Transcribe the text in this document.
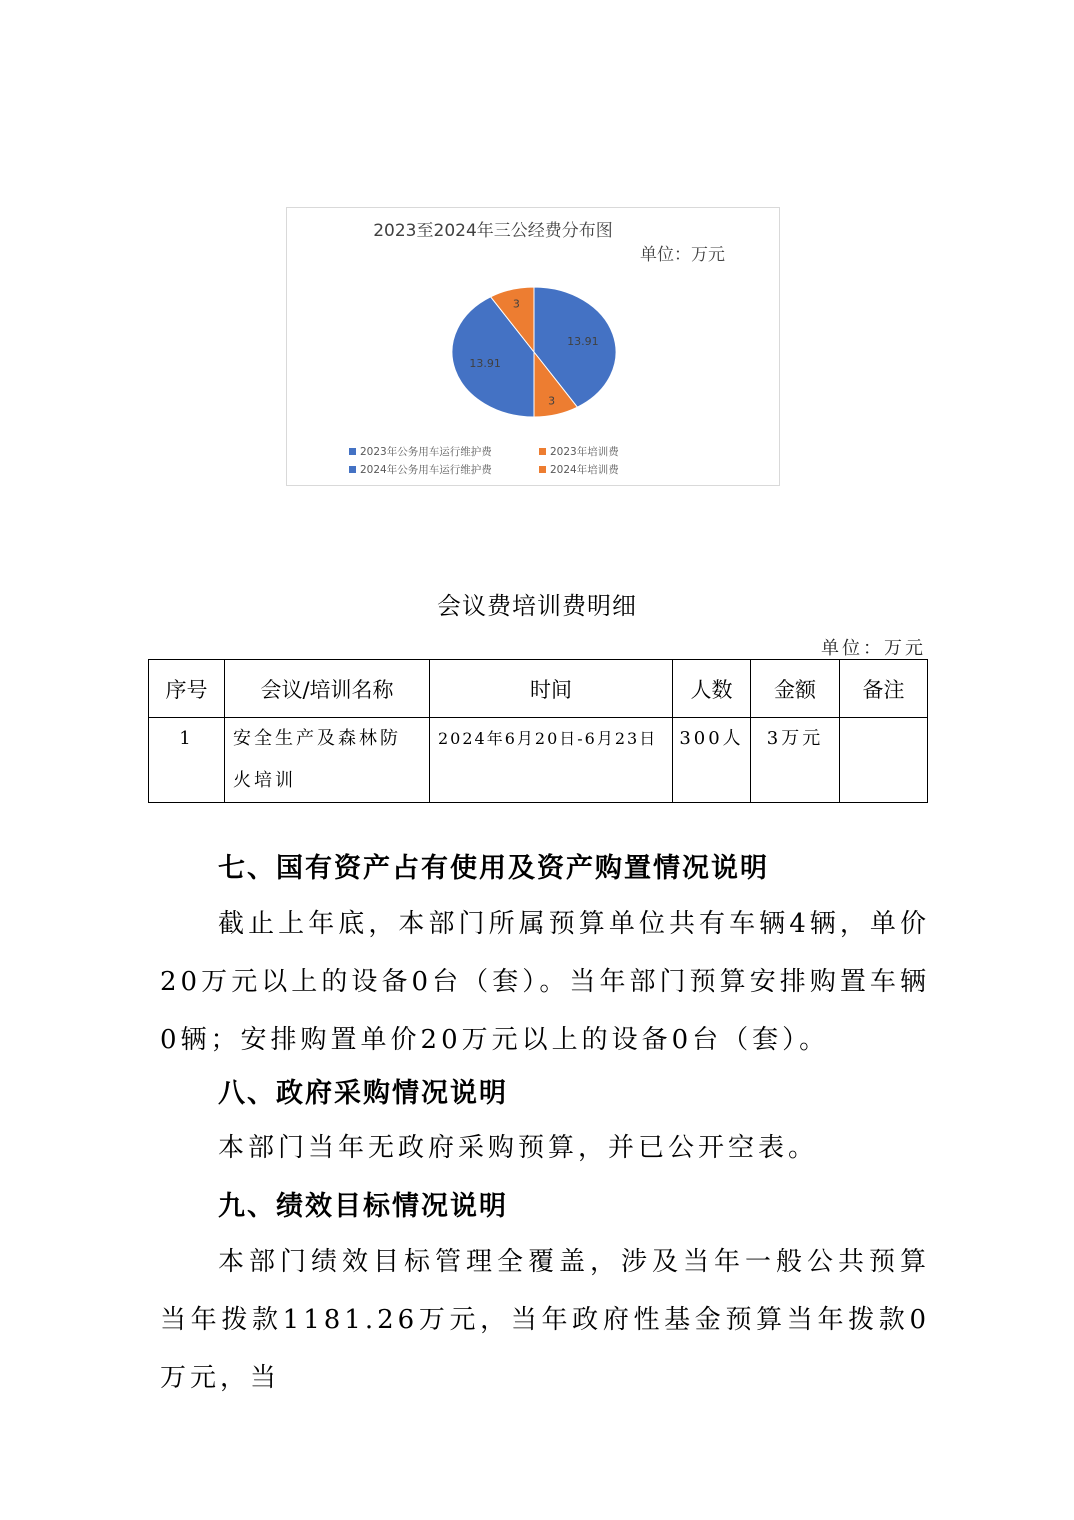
2023至2024年三公经费分布图
单位：万元
13.91
3
13.91
3
2023年公务用车运行维护费	2023年培训费
2024年公务用车运行维护费	2024年培训费
会议费培训费明细
单位：万元
序号	会议/培训名称	时间	人数	金额	备注
1	安全生产及森林防火培训	2024年6月20日-6月23日	300人	3万元	
七、国有资产占有使用及资产购置情况说明

截止上年底，本部门所属预算单位共有车辆4辆，单价20万元以上的设备0台（套）。当年部门预算安排购置车辆0辆；安排购置单价20万元以上的设备0台（套）。

八、政府采购情况说明

本部门当年无政府采购预算，并已公开空表。

九、绩效目标情况说明

本部门绩效目标管理全覆盖，涉及当年一般公共预算当年拨款1181.26万元，当年政府性基金预算当年拨款0万元，当
